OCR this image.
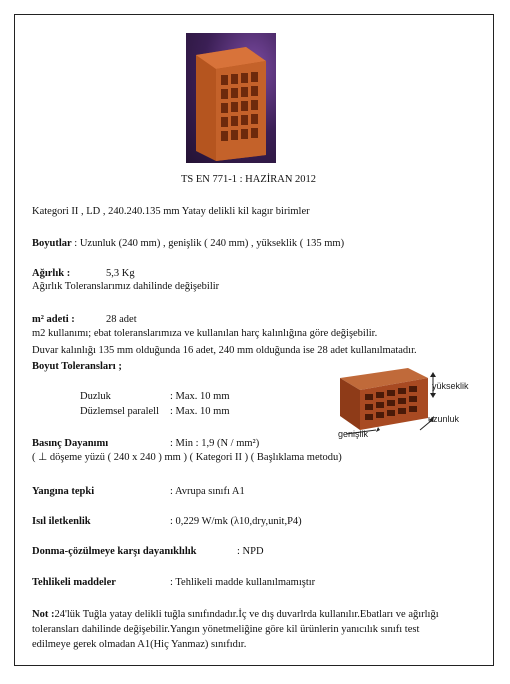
TS EN 771-1 : HAZİRAN 2012
Kategori II , LD , 240.240.135 mm Yatay delikli kil kagır birimler
Boyutlar : Uzunluk (240 mm) , genişlik ( 240 mm) , yükseklik ( 135 mm)
Ağırlık :	5,3 Kg
Ağırlık Toleranslarımız dahilinde değişebilir
m² adeti :	28 adet
m2 kullanımı; ebat toleranslarımıza ve kullanılan harç kalınlığına göre değişebilir.
Duvar kalınlığı 135 mm olduğunda 16 adet, 240 mm olduğunda ise 28 adet kullanılmatadır.
Boyut Toleransları ;
Duzluk	: Max. 10 mm
Düzlemsel paralell : Max. 10 mm
yükseklik
uzunluk
genişlik
Basınç Dayanımı	: Min : 1,9 (N / mm²)
( ⊥ döşeme yüzü ( 240 x 240 ) mm ) ( Kategori II ) ( Başlıklama metodu)
Yangına tepki	: Avrupa sınıfı A1
Isıl iletkenlik	: 0,229 W/mk (λ10,dry,unit,P4)
Donma-çözülmeye karşı dayanıklılık	: NPD
Tehlikeli maddeler	: Tehlikeli madde kullanılmamıştır
Not :24'lük Tuğla yatay delikli tuğla sınıfındadır.İç ve dış duvarlrda kullanılır.Ebatları ve ağırlığı
toleransları dahilinde değişebilir.Yangın yönetmeliğine göre kil ürünlerin yanıcılık sınıfı test
edilmeye gerek olmadan A1(Hiç Yanmaz) sınıfıdır.
